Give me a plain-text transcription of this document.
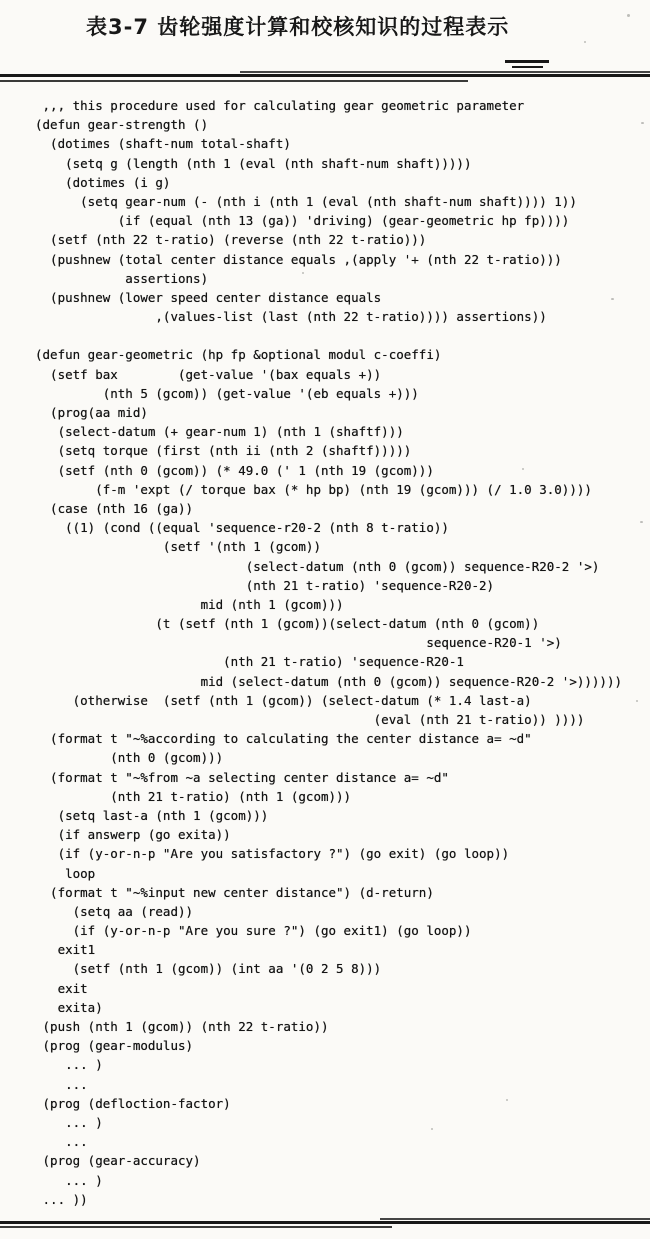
表3-7 齿轮强度计算和校核知识的过程表示
,,, this procedure used for calculating gear geometric parameter
(defun gear-strength ()
(dotimes (shaft-num total-shaft)
(setq g (length (nth 1 (eval (nth shaft-num shaft)))))
(dotimes (i g)
(setq gear-num (- (nth i (nth 1 (eval (nth shaft-num shaft)))) 1))
(if (equal (nth 13 (ga)) 'driving) (gear-geometric hp fp))))
(setf (nth 22 t-ratio) (reverse (nth 22 t-ratio)))
(pushnew (total center distance equals ,(apply '+ (nth 22 t-ratio)))
assertions)
(pushnew (lower speed center distance equals
,(values-list (last (nth 22 t-ratio)))) assertions))

(defun gear-geometric (hp fp &optional modul c-coeffi)
(setf bax        (get-value '(bax equals +))
(nth 5 (gcom)) (get-value '(eb equals +)))
(prog(aa mid)
(select-datum (+ gear-num 1) (nth 1 (shaftf)))
(setq torque (first (nth ii (nth 2 (shaftf)))))
(setf (nth 0 (gcom)) (* 49.0 (' 1 (nth 19 (gcom)))
(f-m 'expt (/ torque bax (* hp bp) (nth 19 (gcom))) (/ 1.0 3.0))))
(case (nth 16 (ga))
((1) (cond ((equal 'sequence-r20-2 (nth 8 t-ratio))
(setf '(nth 1 (gcom))
(select-datum (nth 0 (gcom)) sequence-R20-2 '>)
(nth 21 t-ratio) 'sequence-R20-2)
mid (nth 1 (gcom)))
(t (setf (nth 1 (gcom))(select-datum (nth 0 (gcom))
sequence-R20-1 '>)
(nth 21 t-ratio) 'sequence-R20-1
mid (select-datum (nth 0 (gcom)) sequence-R20-2 '>))))))
(otherwise  (setf (nth 1 (gcom)) (select-datum (* 1.4 last-a)
(eval (nth 21 t-ratio)) ))))
(format t "~%according to calculating the center distance a= ~d"
(nth 0 (gcom)))
(format t "~%from ~a selecting center distance a= ~d"
(nth 21 t-ratio) (nth 1 (gcom)))
(setq last-a (nth 1 (gcom)))
(if answerp (go exita))
(if (y-or-n-p "Are you satisfactory ?") (go exit) (go loop))
loop
(format t "~%input new center distance") (d-return)
(setq aa (read))
(if (y-or-n-p "Are you sure ?") (go exit1) (go loop))
exit1
(setf (nth 1 (gcom)) (int aa '(0 2 5 8)))
exit
exita)
(push (nth 1 (gcom)) (nth 22 t-ratio))
(prog (gear-modulus)
... )
...
(prog (defloction-factor)
... )
...
(prog (gear-accuracy)
... )
... ))
